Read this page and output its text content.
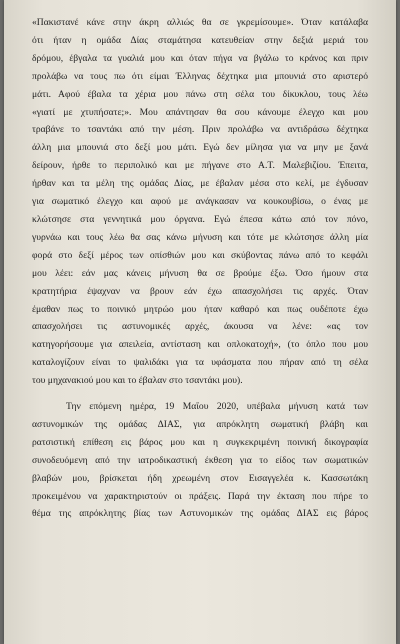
«Πακιστανέ κάνε στην άκρη αλλιώς θα σε γκρεμίσουμε». Όταν κατάλαβα
ότι ήταν η ομάδα Δίας σταμάτησα κατευθείαν στην δεξιά μεριά του
δρόμου, έβγαλα τα γυαλιά μου και όταν πήγα να βγάλω το κράνος και πριν
προλάβω να τους πω ότι είμαι Έλληνας δέχτηκα μια μπουνιά στο αριστερό
μάτι. Αφού έβαλα τα χέρια μου πάνω στη σέλα του δίκυκλου, τους λέω
«γιατί με χτυπήσατε;». Μου απάντησαν θα σου κάνουμε έλεγχο και μου
τραβάνε το τσαντάκι από την μέση. Πριν προλάβω να αντιδράσω δέχτηκα
άλλη μια μπουνιά στο δεξί μου μάτι. Εγώ δεν μίλησα για να μην με ξανά
δείρουν, ήρθε το περιπολικό και με πήγανε στο Α.Τ. Μαλεβιζίου. Έπειτα,
ήρθαν και τα μέλη της ομάδας Δίας, με έβαλαν μέσα στο κελί, με έγδυσαν
για σωματικό έλεγχο και αφού με ανάγκασαν να κουκουβίσω, ο ένας με
κλώτσησε στα γεννητικά μου όργανα. Εγώ έπεσα κάτω από τον πόνο,
γυρνάω και τους λέω θα σας κάνω μήνυση και τότε με κλώτσησε άλλη μία
φορά στο δεξί μέρος των οπίσθιών μου και σκύβοντας πάνω από το κεφάλι
μου λέει: εάν μας κάνεις μήνυση θα σε βρούμε έξω. Όσο ήμουν στα
κρατητήρια έψαχναν να βρουν εάν έχω απασχολήσει τις αρχές. Όταν
έμαθαν πως το ποινικό μητρώο μου ήταν καθαρό και πως ουδέποτε έχω
απασχολήσει τις αστυνομικές αρχές, άκουσα να λένε: «ας τον
κατηγορήσουμε για απειλεία, αντίσταση και οπλοκατοχή», (το όπλο που μου
καταλογίζουν είναι το ψαλιδάκι για τα υφάσματα που πήραν από τη σέλα
του μηχανακιού μου και το έβαλαν στο τσαντάκι μου).
Την επόμενη ημέρα, 19 Μαΐου 2020, υπέβαλα μήνυση κατά των
αστυνομικών της ομάδας ΔΙΑΣ, για απρόκλητη σωματική βλάβη και
ρατσιστική επίθεση εις βάρος μου και η συγκεκριμένη ποινική δικογραφία
συνοδευόμενη από την ιατροδικαστική έκθεση για το είδος των σωματικών
βλαβών μου, βρίσκεται ήδη χρεωμένη στον Εισαγγελέα κ. Κασσωτάκη
προκειμένου να χαρακτηριστούν οι πράξεις. Παρά την έκταση που πήρε το
θέμα της απρόκλητης βίας των Αστυνομικών της ομάδας ΔΙΑΣ εις βάρος
